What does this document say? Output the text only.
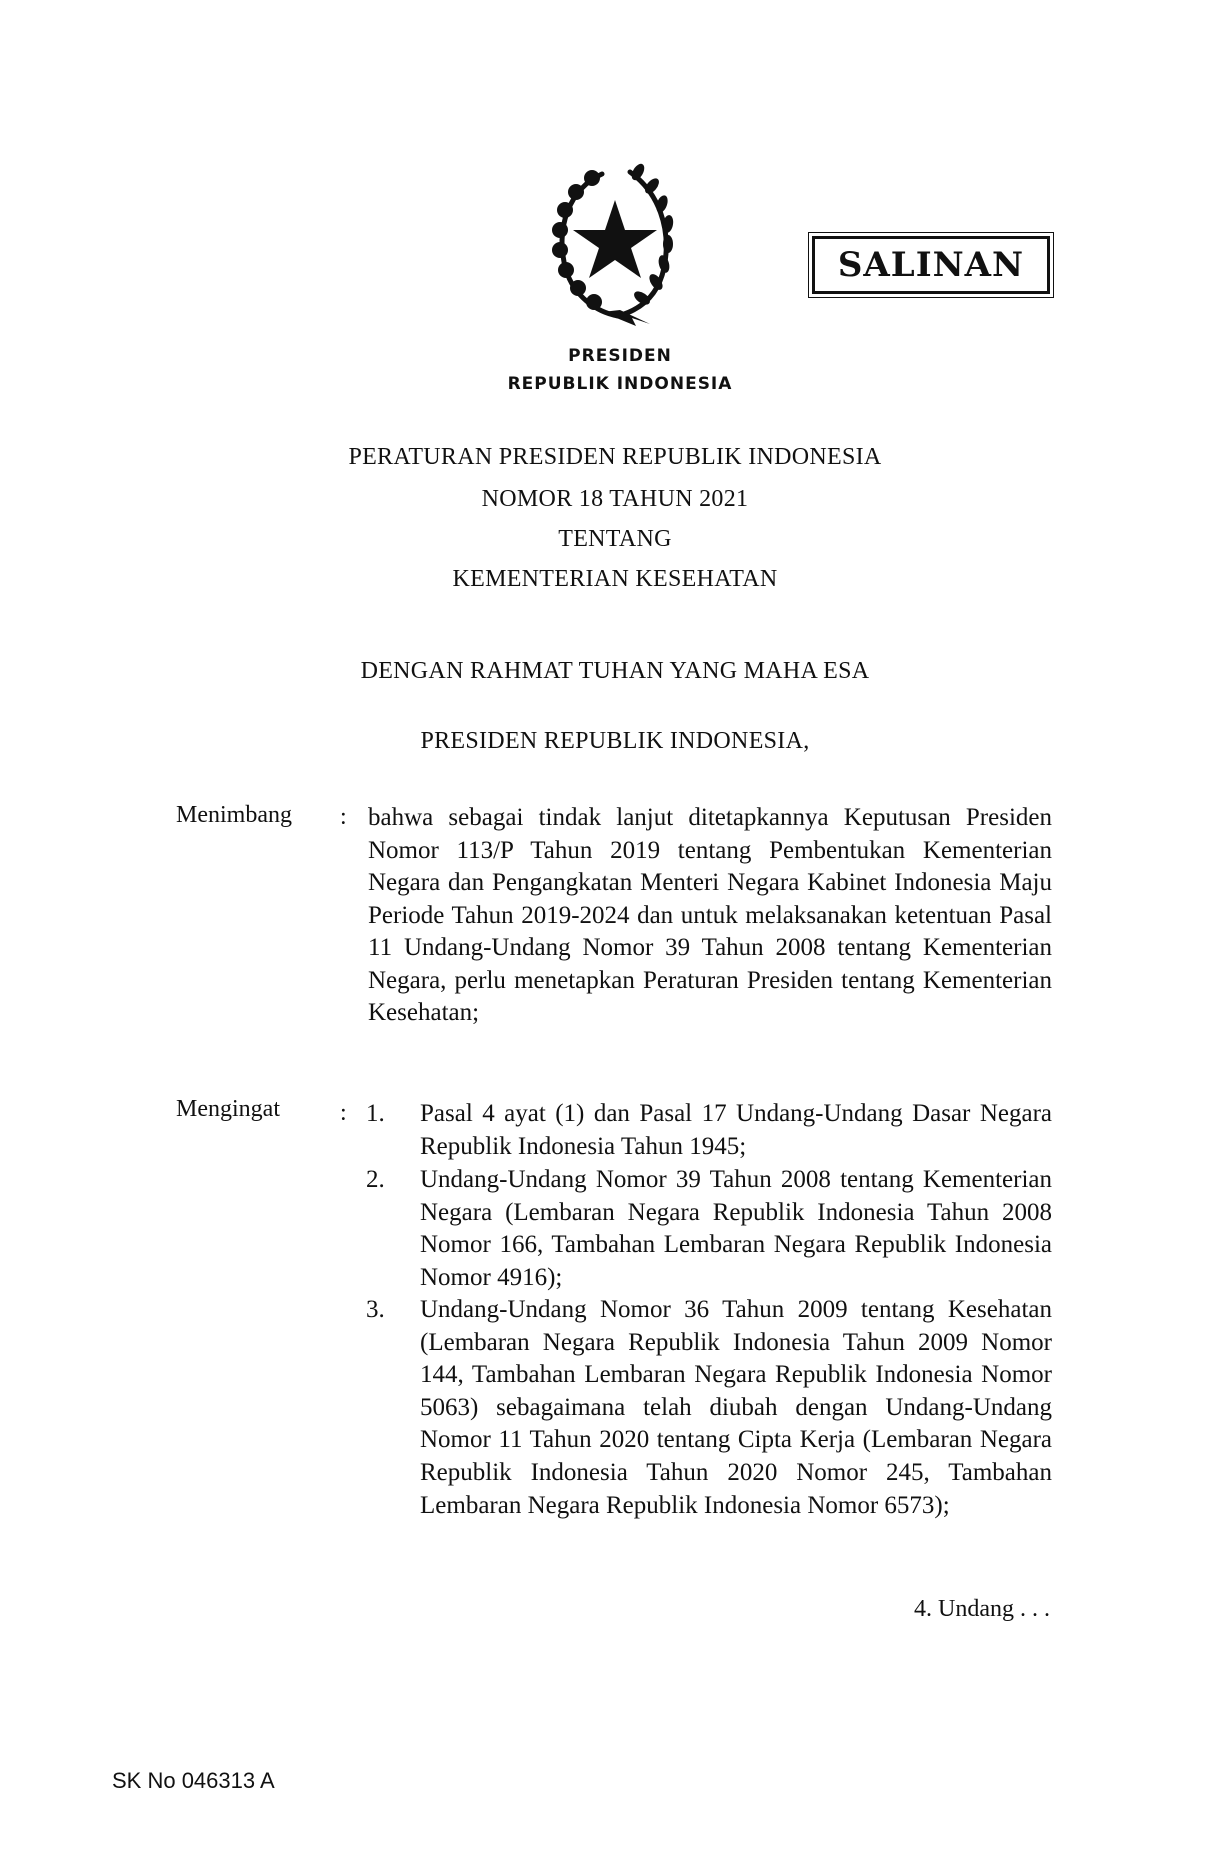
SALINAN
PRESIDEN
REPUBLIK INDONESIA
PERATURAN PRESIDEN REPUBLIK INDONESIA
NOMOR 18 TAHUN 2021
TENTANG
KEMENTERIAN KESEHATAN
DENGAN RAHMAT TUHAN YANG MAHA ESA
PRESIDEN REPUBLIK INDONESIA,
Menimbang : bahwa sebagai tindak lanjut ditetapkannya Keputusan Presiden Nomor 113/P Tahun 2019 tentang Pembentukan Kementerian Negara dan Pengangkatan Menteri Negara Kabinet Indonesia Maju Periode Tahun 2019-2024 dan untuk melaksanakan ketentuan Pasal 11 Undang-Undang Nomor 39 Tahun 2008 tentang Kementerian Negara, perlu menetapkan Peraturan Presiden tentang Kementerian Kesehatan;
Mengingat	: 1. Pasal 4 ayat (1) dan Pasal 17 Undang-Undang Dasar Negara Republik Indonesia Tahun 1945;
2. Undang-Undang Nomor 39 Tahun 2008 tentang Kementerian Negara (Lembaran Negara Republik Indonesia Tahun 2008 Nomor 166, Tambahan Lembaran Negara Republik Indonesia Nomor 4916);
3. Undang-Undang Nomor 36 Tahun 2009 tentang Kesehatan (Lembaran Negara Republik Indonesia Tahun 2009 Nomor 144, Tambahan Lembaran Negara Republik Indonesia Nomor 5063) sebagaimana telah diubah dengan Undang-Undang Nomor 11 Tahun 2020 tentang Cipta Kerja (Lembaran Negara Republik Indonesia Tahun 2020 Nomor 245, Tambahan Lembaran Negara Republik Indonesia Nomor 6573);
4. Undang . . .
SK No 046313 A
